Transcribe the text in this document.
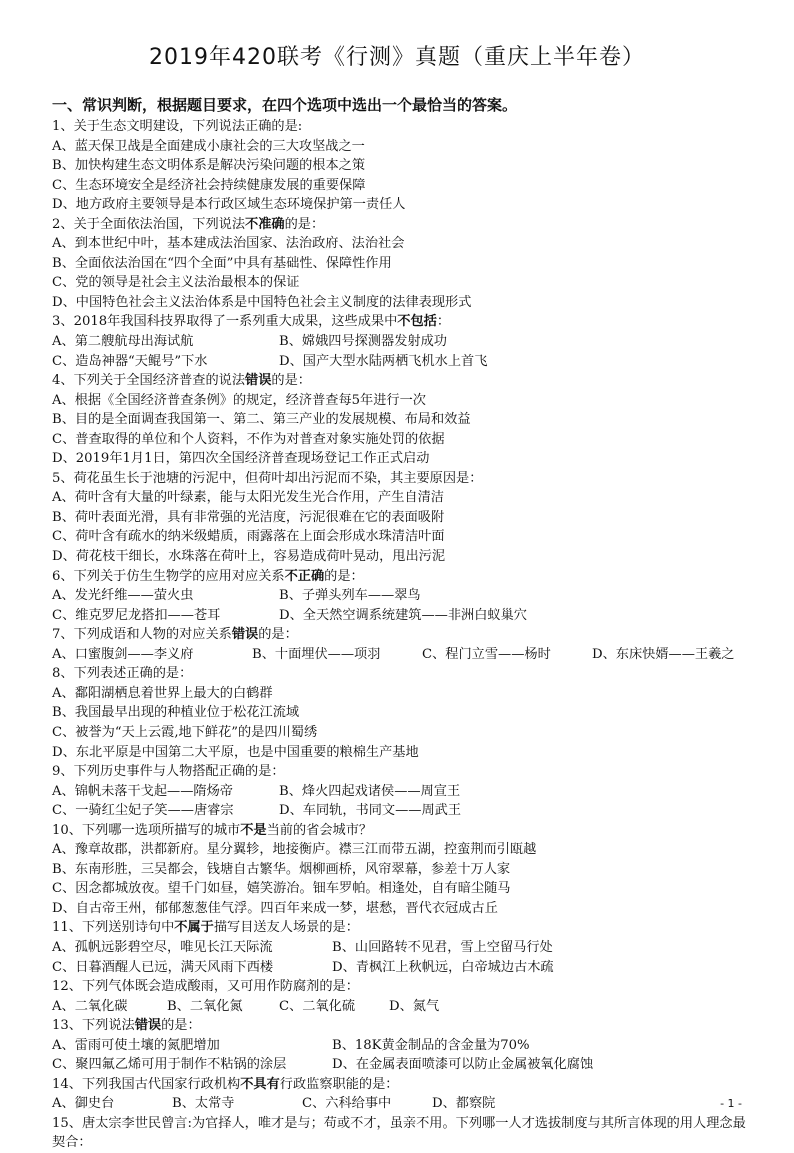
2019年420联考《行测》真题（重庆上半年卷）
一、常识判断，根据题目要求，在四个选项中选出一个最恰当的答案。
1、关于生态文明建设，下列说法正确的是:
A、蓝天保卫战是全面建成小康社会的三大攻坚战之一
B、加快构建生态文明体系是解决污染问题的根本之策
C、生态环境安全是经济社会持续健康发展的重要保障
D、地方政府主要领导是本行政区域生态环境保护第一责任人
2、关于全面依法治国，下列说法不准确的是：
A、到本世纪中叶，基本建成法治国家、法治政府、法治社会
B、全面依法治国在“四个全面”中具有基础性、保障性作用
C、党的领导是社会主义法治最根本的保证
D、中国特色社会主义法治体系是中国特色社会主义制度的法律表现形式
3、2018年我国科技界取得了一系列重大成果，这些成果中不包括：
A、第二艘航母出海试航	B、嫦娥四号探测器发射成功
C、造岛神器“天鲲号”下水	D、国产大型水陆两栖飞机水上首飞
4、下列关于全国经济普查的说法错误的是：
A、根据《全国经济普查条例》的规定，经济普查每5年进行一次
B、目的是全面调查我国第一、第二、第三产业的发展规模、布局和效益
C、普查取得的单位和个人资料，不作为对普查对象实施处罚的依据
D、2019年1月1日，第四次全国经济普查现场登记工作正式启动
5、荷花虽生长于池塘的污泥中，但荷叶却出污泥而不染，其主要原因是：
A、荷叶含有大量的叶绿素，能与太阳光发生光合作用，产生自清洁
B、荷叶表面光滑，具有非常强的光洁度，污泥很难在它的表面吸附
C、荷叶含有疏水的纳米级蜡质，雨露落在上面会形成水珠清洁叶面
D、荷花枝干细长，水珠落在荷叶上，容易造成荷叶晃动，甩出污泥
6、下列关于仿生生物学的应用对应关系不正确的是：
A、发光纤维——萤火虫	B、子弹头列车——翠鸟
C、维克罗尼龙搭扣——苍耳	D、全天然空调系统建筑——非洲白蚁巢穴
7、下列成语和人物的对应关系错误的是：
A、口蜜腹剑——李义府	B、十面埋伏——项羽	C、程门立雪——杨时	D、东床快婿——王羲之
8、下列表述正确的是：
A、鄱阳湖栖息着世界上最大的白鹤群
B、我国最早出现的种植业位于松花江流域
C、被誉为“天上云霞,地下鲜花”的是四川蜀绣
D、东北平原是中国第二大平原，也是中国重要的粮棉生产基地
9、下列历史事件与人物搭配正确的是：
A、锦帆未落干戈起——隋炀帝	B、烽火四起戏诸侯——周宣王
C、一骑红尘妃子笑——唐睿宗	D、车同轨，书同文——周武王
10、下列哪一选项所描写的城市不是当前的省会城市？
A、豫章故郡，洪都新府。星分翼轸，地接衡庐。襟三江而带五湖，控蛮荆而引瓯越
B、东南形胜，三吴都会，钱塘自古繁华。烟柳画桥，风帘翠幕，参差十万人家
C、因念都城放夜。望千门如昼，嬉笑游冶。钿车罗帕。相逢处，自有暗尘随马
D、自古帝王州，郁郁葱葱佳气浮。四百年来成一梦，堪愁，晋代衣冠成古丘
11、下列送别诗句中不属于描写目送友人场景的是：
A、孤帆远影碧空尽，唯见长江天际流	B、山回路转不见君，雪上空留马行处
C、日暮酒醒人已远，满天风雨下西楼	D、青枫江上秋帆远，白帝城边古木疏
12、下列气体既会造成酸雨，又可用作防腐剂的是：
A、二氧化碳	B、二氧化氮	C、二氧化硫	D、氮气
13、下列说法错误的是：
A、雷雨可使土壤的氮肥增加	B、18K黄金制品的含金量为70%
C、聚四氟乙烯可用于制作不粘锅的涂层	D、在金属表面喷漆可以防止金属被氧化腐蚀
14、下列我国古代国家行政机构不具有行政监察职能的是：
A、御史台	B、太常寺	C、六科给事中	D、都察院
15、唐太宗李世民曾言:为官择人，唯才是与；苟或不才，虽亲不用。下列哪一人才选拔制度与其所言体现的用人理念最契合：
- 1 -
